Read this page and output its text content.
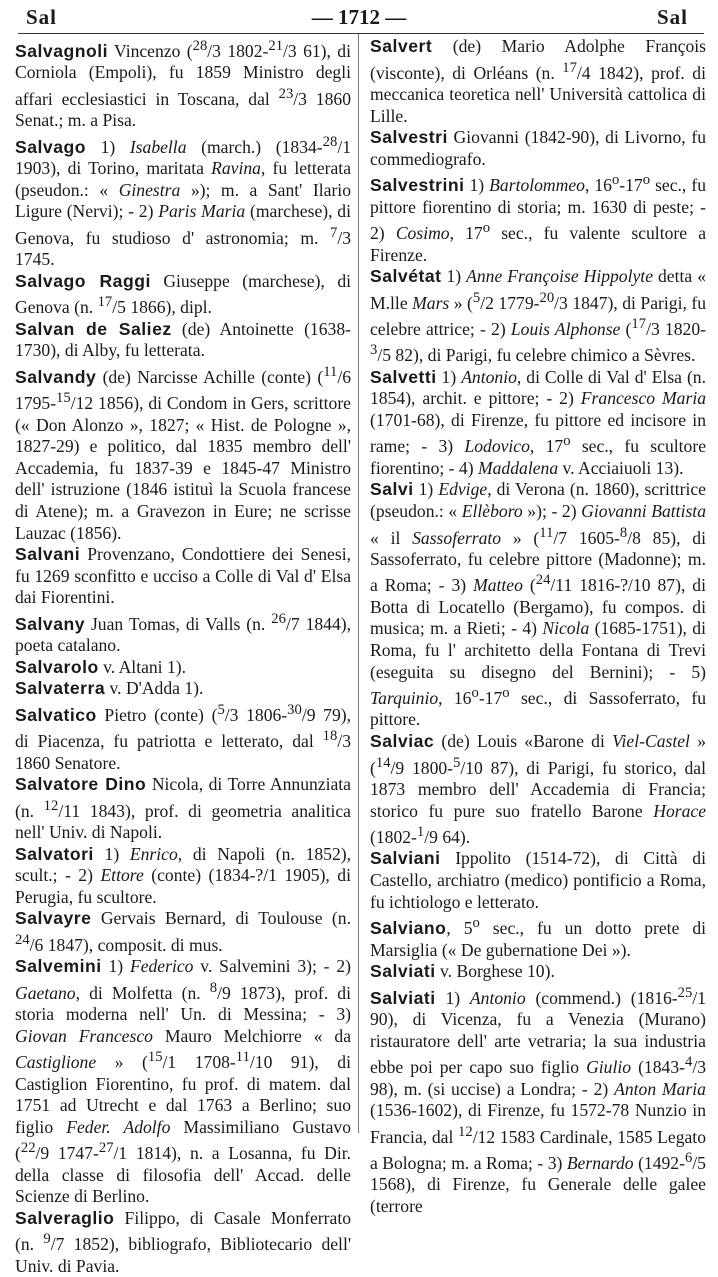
— 1712 —
Sal	Sal

Salvagnoli Vincenzo ($^{28}$/3 1802-$^{21}$/3 61), di Corniola (Empoli), fu 1859 Ministro degli affari ecclesiastici in Toscana, dal $^{23}$/3 1860 Senat.; m. a Pisa.

Salvago 1) Isabella (march.) (1834-$^{28}$/1 1903), di Torino, maritata Ravina, fu letterata (pseudon.: « Ginestra »); m. a Sant' Ilario Ligure (Nervi); - 2) Paris Maria (marchese), di Genova, fu studioso d' astronomia; m. $^7$/3 1745.

Salvago Raggi Giuseppe (marchese), di Genova (n. $^{17}$/5 1866), dipl.

Salvan de Saliez (de) Antoinette (1638-1730), di Alby, fu letterata.

Salvandy (de) Narcisse Achille (conte) ($^{11}$/6 1795-$^{15}$/12 1856), di Condom in Gers, scrittore (« Don Alonzo », 1827; « Hist. de Pologne », 1827-29) e politico, dal 1835 membro dell' Accademia, fu 1837-39 e 1845-47 Ministro dell' istruzione (1846 istituì la Scuola francese di Atene); m. a Gravezon in Eure; ne scrisse Lauzac (1856).

Salvani Provenzano, Condottiere dei Senesi, fu 1269 sconfitto e ucciso a Colle di Val d' Elsa dai Fiorentini.

Salvany Juan Tomas, di Valls (n. $^{26}$/7 1844), poeta catalano.

Salvarolo v. Altani 1).

Salvaterra v. D'Adda 1).

Salvatico Pietro (conte) ($^5$/3 1806-$^{30}$/9 79), di Piacenza, fu patriotta e letterato, dal $^{18}$/3 1860 Senatore.

Salvatore Dino Nicola, di Torre Annunziata (n. $^{12}$/11 1843), prof. di geometria analitica nell' Univ. di Napoli.

Salvatori 1) Enrico, di Napoli (n. 1852), scult.; - 2) Ettore (conte) (1834-?/1 1905), di Perugia, fu scultore.

Salvayre Gervais Bernard, di Toulouse (n. $^{24}$/6 1847), composit. di mus.

Salvemini 1) Federico v. Salvemini 3); - 2) Gaetano, di Molfetta (n. $^8$/9 1873), prof. di storia moderna nell' Un. di Messina; - 3) Giovan Francesco Mauro Melchiorre « da Castiglione » ($^{15}$/1 1708-$^{11}$/10 91), di Castiglion Fiorentino, fu prof. di matem. dal 1751 ad Utrecht e dal 1763 a Berlino; suo figlio Feder. Adolfo Massimiliano Gustavo ($^{22}$/9 1747-$^{27}$/1 1814), n. a Losanna, fu Dir. della classe di filosofia dell' Accad. delle Scienze di Berlino.

Salveraglio Filippo, di Casale Monferrato (n. $^9$/7 1852), bibliografo, Bibliotecario dell' Univ. di Pavia.

Salvert (de) Mario Adolphe François (visconte), di Orléans (n. $^{17}$/4 1842), prof. di meccanica teoretica nell' Università cattolica di Lille.

Salvestri Giovanni (1842-90), di Livorno, fu commediografo.

Salvestrini 1) Bartolommeo, 16$^o$-17$^o$ sec., fu pittore fiorentino di storia; m. 1630 di peste; - 2) Cosimo, 17$^o$ sec., fu valente scultore a Firenze.

Salvétat 1) Anne Françoise Hippolyte detta « M.lle Mars » ($^5$/2 1779-$^{20}$/3 1847), di Parigi, fu celebre attrice; - 2) Louis Alphonse ($^{17}$/3 1820-$^3$/5 82), di Parigi, fu celebre chimico a Sèvres.

Salvetti 1) Antonio, di Colle di Val d' Elsa (n. 1854), archit. e pittore; - 2) Francesco Maria (1701-68), di Firenze, fu pittore ed incisore in rame; - 3) Lodovico, 17$^o$ sec., fu scultore fiorentino; - 4) Maddalena v. Acciaiuoli 13).

Salvi 1) Edvige, di Verona (n. 1860), scrittrice (pseudon.: « Ellèboro »); - 2) Giovanni Battista « il Sassoferrato » ($^{11}$/7 1605-$^8$/8 85), di Sassoferrato, fu celebre pittore (Madonne); m. a Roma; - 3) Matteo ($^{24}$/11 1816-?/10 87), di Botta di Locatello (Bergamo), fu compos. di musica; m. a Rieti; - 4) Nicola (1685-1751), di Roma, fu l' architetto della Fontana di Trevi (eseguita su disegno del Bernini); - 5) Tarquinio, 16$^o$-17$^o$ sec., di Sassoferrato, fu pittore.

Salviac (de) Louis «Barone di Viel-Castel » ($^{14}$/9 1800-$^5$/10 87), di Parigi, fu storico, dal 1873 membro dell' Accademia di Francia; storico fu pure suo fratello Barone Horace (1802-$^1$/9 64).

Salviani Ippolito (1514-72), di Città di Castello, archiatro (medico) pontificio a Roma, fu ichtiologo e letterato.

Salviano, 5$^o$ sec., fu un dotto prete di Marsiglia (« De gubernatione Dei »).

Salviati v. Borghese 10).

Salviati 1) Antonio (commend.) (1816-$^{25}$/1 90), di Vicenza, fu a Venezia (Murano) ristauratore dell' arte vetraria; la sua industria ebbe poi per capo suo figlio Giulio (1843-$^4$/3 98), m. (si uccise) a Londra; - 2) Anton Maria (1536-1602), di Firenze, fu 1572-78 Nunzio in Francia, dal $^{12}$/12 1583 Cardinale, 1585 Legato a Bologna; m. a Roma; - 3) Bernardo (1492-$^6$/5 1568), di Firenze, fu Generale delle galee (terrore
